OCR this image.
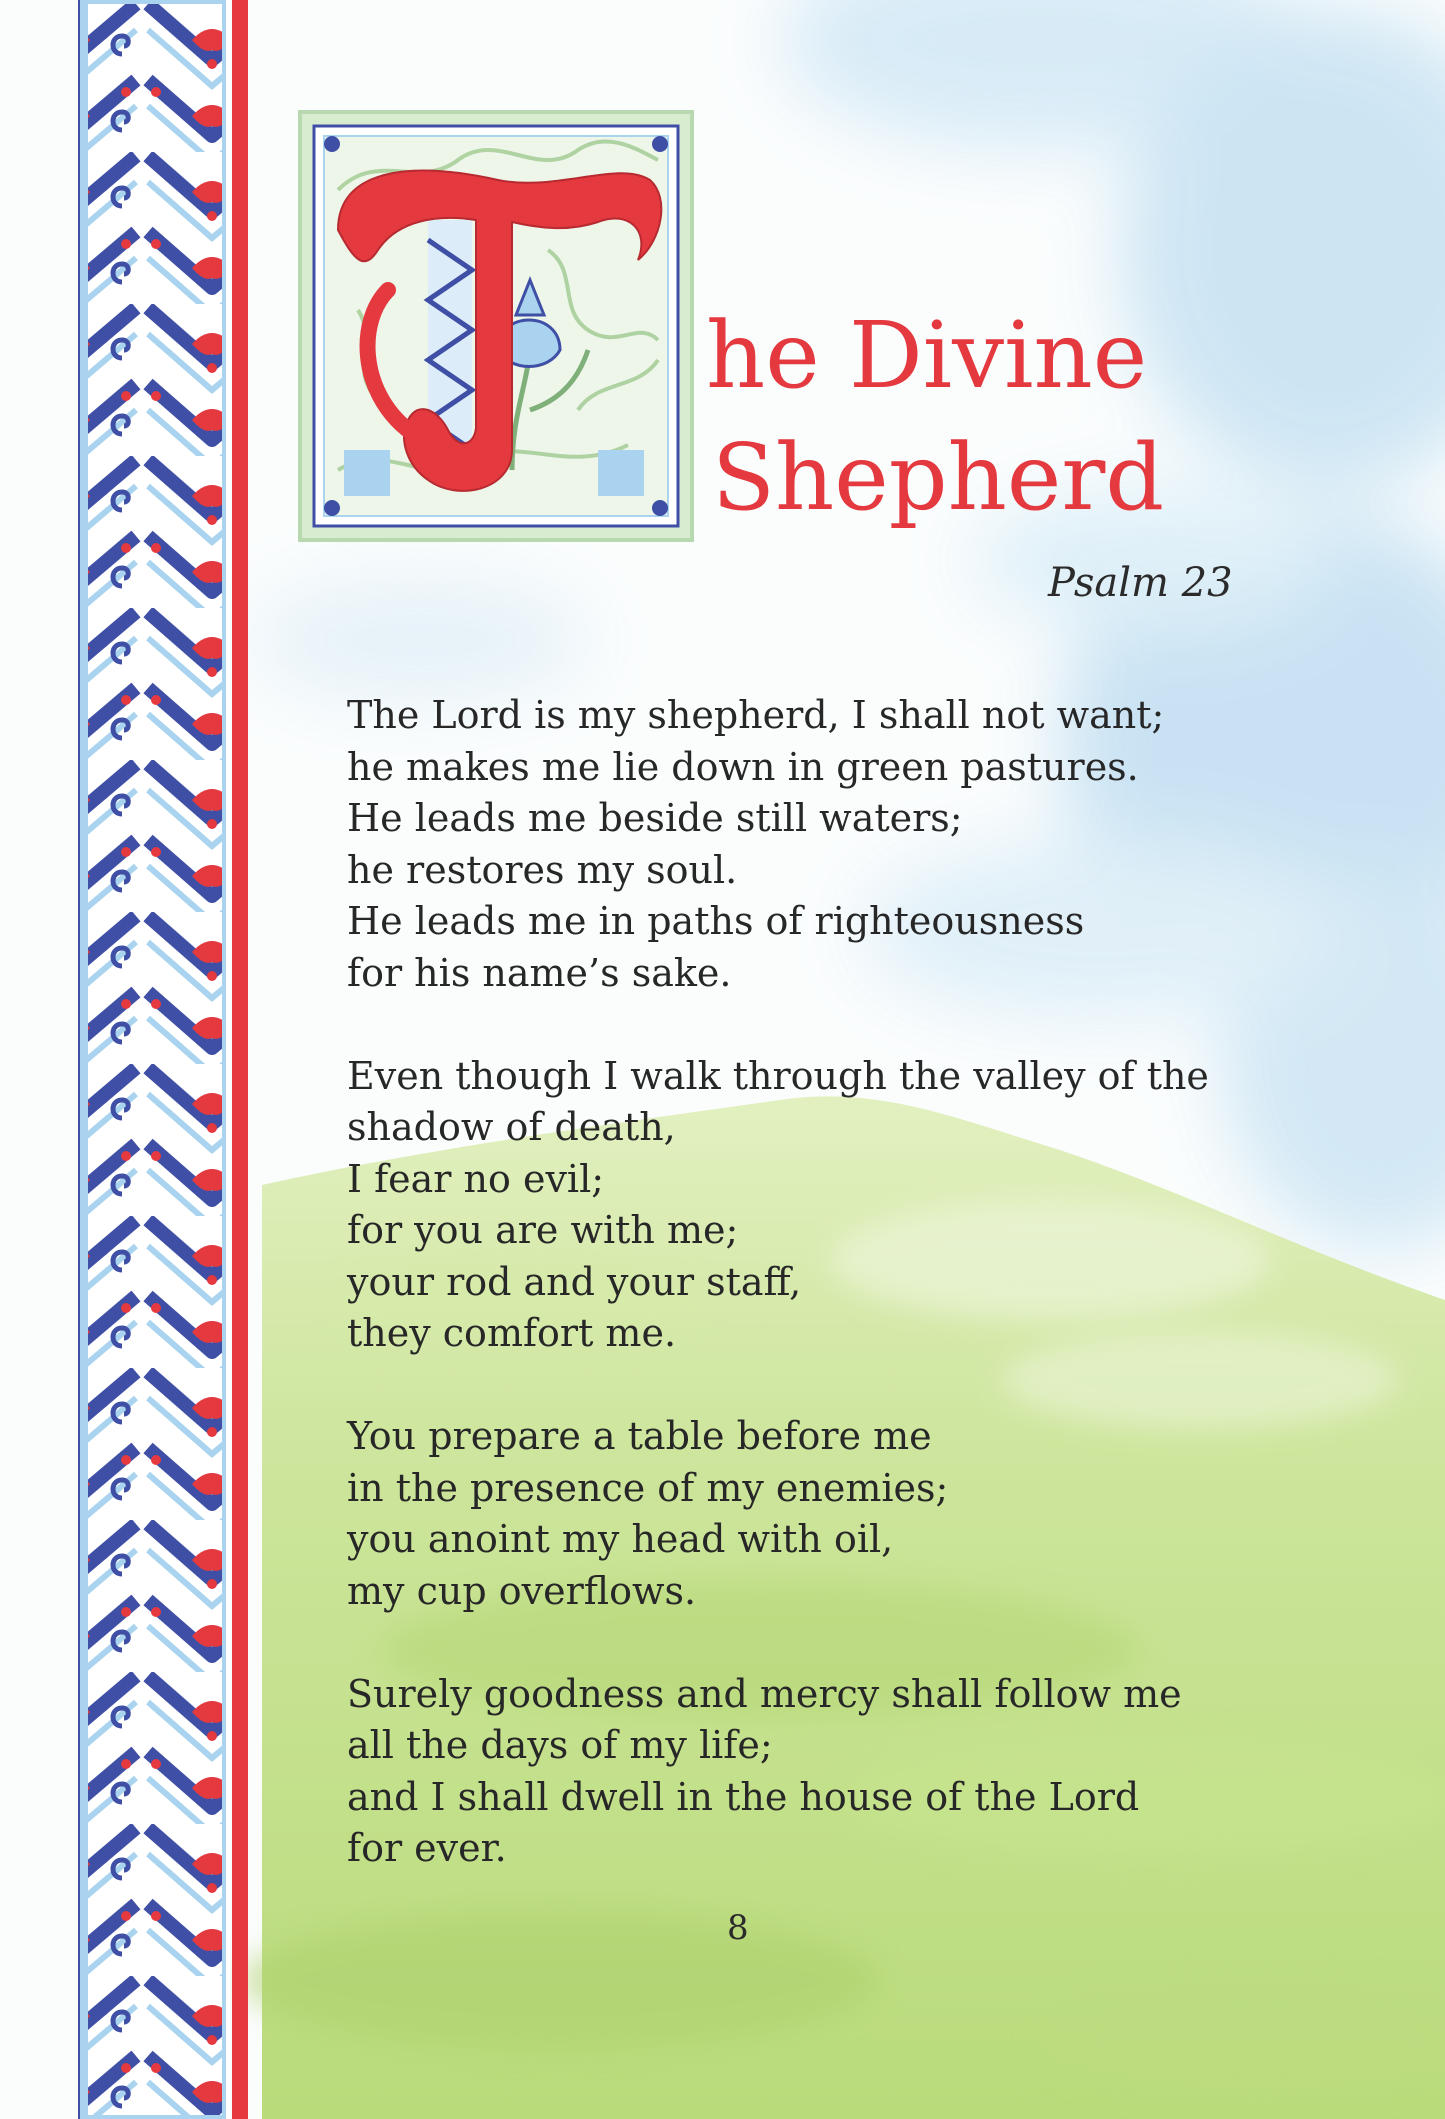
he Divine
Shepherd
Psalm 23

The Lord is my shepherd, I shall not want;
he makes me lie down in green pastures.
He leads me beside still waters;
he restores my soul.
He leads me in paths of righteousness
for his name’s sake.

Even though I walk through the valley of the
shadow of death,
I fear no evil;
for you are with me;
your rod and your staff,
they comfort me.

You prepare a table before me
in the presence of my enemies;
you anoint my head with oil,
my cup overflows.

Surely goodness and mercy shall follow me
all the days of my life;
and I shall dwell in the house of the Lord
for ever.

8
